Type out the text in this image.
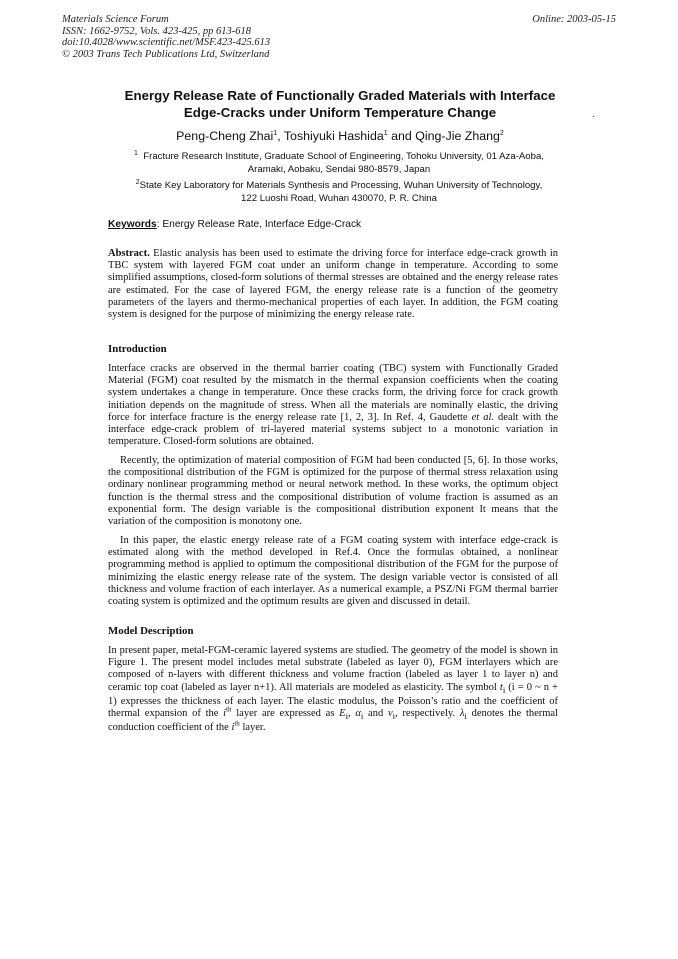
Materials Science Forum
ISSN: 1662-9752, Vols. 423-425, pp 613-618
doi:10.4028/www.scientific.net/MSF.423-425.613
© 2003 Trans Tech Publications Ltd, Switzerland
Online: 2003-05-15
Energy Release Rate of Functionally Graded Materials with Interface
Edge-Cracks under Uniform Temperature Change	·
Peng-Cheng Zhai$^1$, Toshiyuki Hashida$^1$ and Qing-Jie Zhang$^2$
$^1$ Fracture Research Institute, Graduate School of Engineering, Tohoku University, 01 Aza-Aoba,
Aramaki, Aobaku, Sendai 980-8579, Japan
$^2$State Key Laboratory for Materials Synthesis and Processing, Wuhan University of Technology,
122 Luoshi Road, Wuhan 430070, P. R. China
Keywords: Energy Release Rate, Interface Edge-Crack
Abstract. Elastic analysis has been used to estimate the driving force for interface edge-crack growth in TBC system with layered FGM coat under an uniform change in temperature. According to some simplified assumptions, closed-form solutions of thermal stresses are obtained and the energy release rates are estimated. For the case of layered FGM, the energy release rate is a function of the geometry parameters of the layers and thermo-mechanical properties of each layer. In addition, the FGM coating system is designed for the purpose of minimizing the energy release rate.
Introduction
Interface cracks are observed in the thermal barrier coating (TBC) system with Functionally Graded Material (FGM) coat resulted by the mismatch in the thermal expansion coefficients when the coating system undertakes a change in temperature. Once these cracks form, the driving force for crack growth initiation depends on the magnitude of stress. When all the materials are nominally elastic, the driving force for interface fracture is the energy release rate [1, 2, 3]. In Ref. 4, Gaudette et al. dealt with the interface edge-crack problem of tri-layered material systems subject to a monotonic variation in temperature. Closed-form solutions are obtained.
Recently, the optimization of material composition of FGM had been conducted [5, 6]. In those works, the compositional distribution of the FGM is optimized for the purpose of thermal stress relaxation using ordinary nonlinear programming method or neural network method. In these works, the optimum object function is the thermal stress and the compositional distribution of volume fraction is assumed as an exponential form. The design variable is the compositional distribution exponent It means that the variation of the composition is monotony one.
In this paper, the elastic energy release rate of a FGM coating system with interface edge-crack is estimated along with the method developed in Ref.4. Once the formulas obtained, a nonlinear programming method is applied to optimum the compositional distribution of the FGM for the purpose of minimizing the elastic energy release rate of the system. The design variable vector is consisted of all thickness and volume fraction of each interlayer. As a numerical example, a PSZ/Ni FGM thermal barrier coating system is optimized and the optimum results are given and discussed in detail.
Model Description
In present paper, metal-FGM-ceramic layered systems are studied. The geometry of the model is shown in Figure 1. The present model includes metal substrate (labeled as layer 0), FGM interlayers which are composed of n-layers with different thickness and volume fraction (labeled as layer 1 to layer n) and ceramic top coat (labeled as layer n+1). All materials are modeled as elasticity. The symbol $t_i$ (i = 0 ~ n + 1) expresses the thickness of each layer. The elastic modulus, the Poisson’s ratio and the coefficient of thermal expansion of the $i^{th}$ layer are expressed as $E_i$, $\alpha_i$ and $\nu_i$, respectively. $\lambda_i$ denotes the thermal conduction coefficient of the $i^{th}$ layer.
